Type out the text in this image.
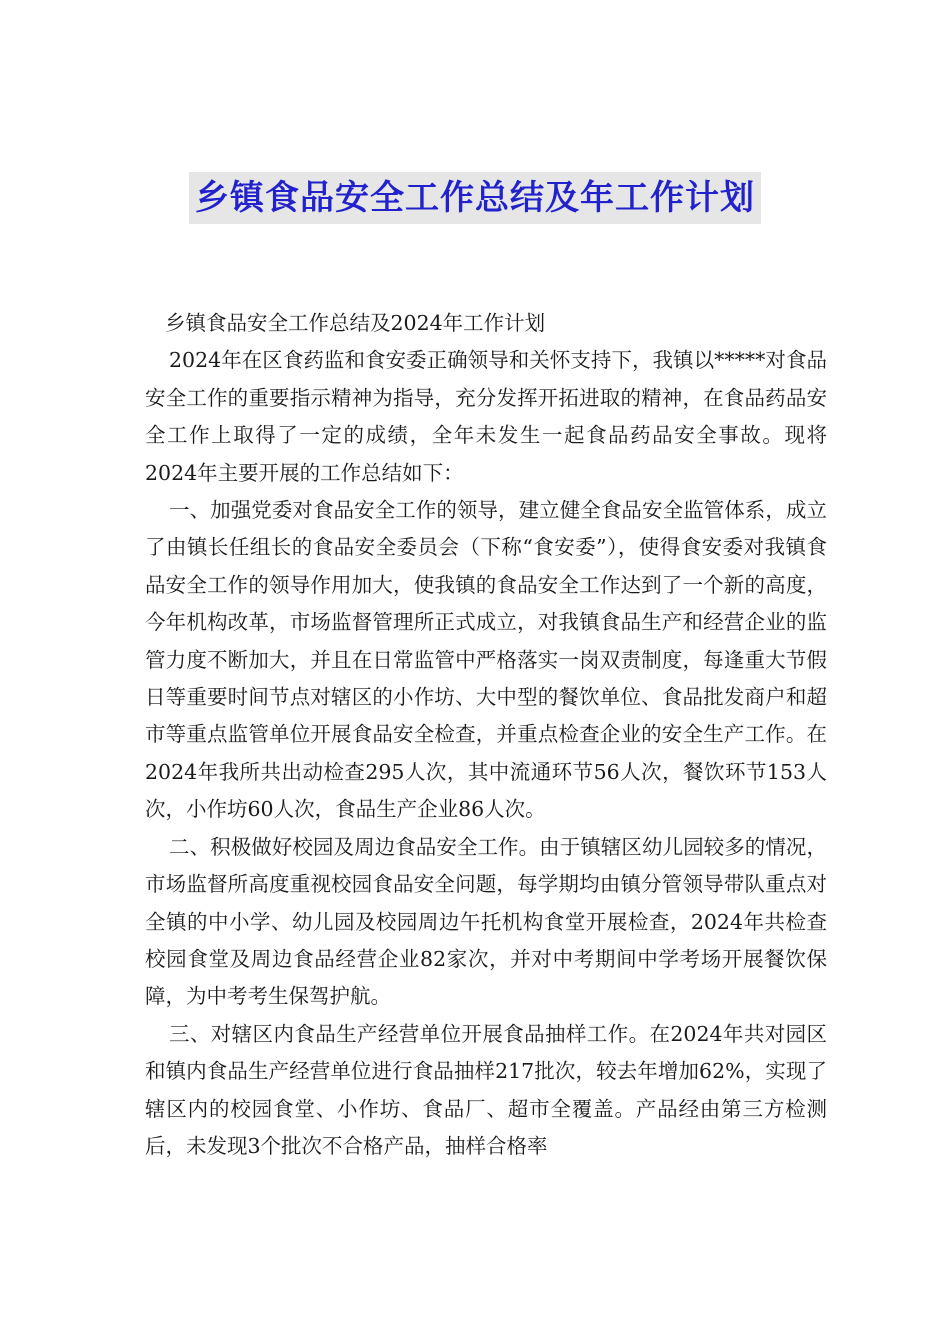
乡镇食品安全工作总结及年工作计划

乡镇食品安全工作总结及2024年工作计划

2024年在区食药监和食安委正确领导和关怀支持下，我镇以*****对食品安全工作的重要指示精神为指导，充分发挥开拓进取的精神，在食品药品安全工作上取得了一定的成绩，全年未发生一起食品药品安全事故。现将2024年主要开展的工作总结如下：

一、加强党委对食品安全工作的领导，建立健全食品安全监管体系，成立了由镇长任组长的食品安全委员会（下称“食安委”），使得食安委对我镇食品安全工作的领导作用加大，使我镇的食品安全工作达到了一个新的高度，今年机构改革，市场监督管理所正式成立，对我镇食品生产和经营企业的监管力度不断加大，并且在日常监管中严格落实一岗双责制度，每逢重大节假日等重要时间节点对辖区的小作坊、大中型的餐饮单位、食品批发商户和超市等重点监管单位开展食品安全检查，并重点检查企业的安全生产工作。在2024年我所共出动检查295人次，其中流通环节56人次，餐饮环节153人次，小作坊60人次，食品生产企业86人次。

二、积极做好校园及周边食品安全工作。由于镇辖区幼儿园较多的情况，市场监督所高度重视校园食品安全问题，每学期均由镇分管领导带队重点对全镇的中小学、幼儿园及校园周边午托机构食堂开展检查，2024年共检查校园食堂及周边食品经营企业82家次，并对中考期间中学考场开展餐饮保障，为中考考生保驾护航。

三、对辖区内食品生产经营单位开展食品抽样工作。在2024年共对园区和镇内食品生产经营单位进行食品抽样217批次，较去年增加62%，实现了辖区内的校园食堂、小作坊、食品厂、超市全覆盖。产品经由第三方检测后，未发现3个批次不合格产品，抽样合格率
